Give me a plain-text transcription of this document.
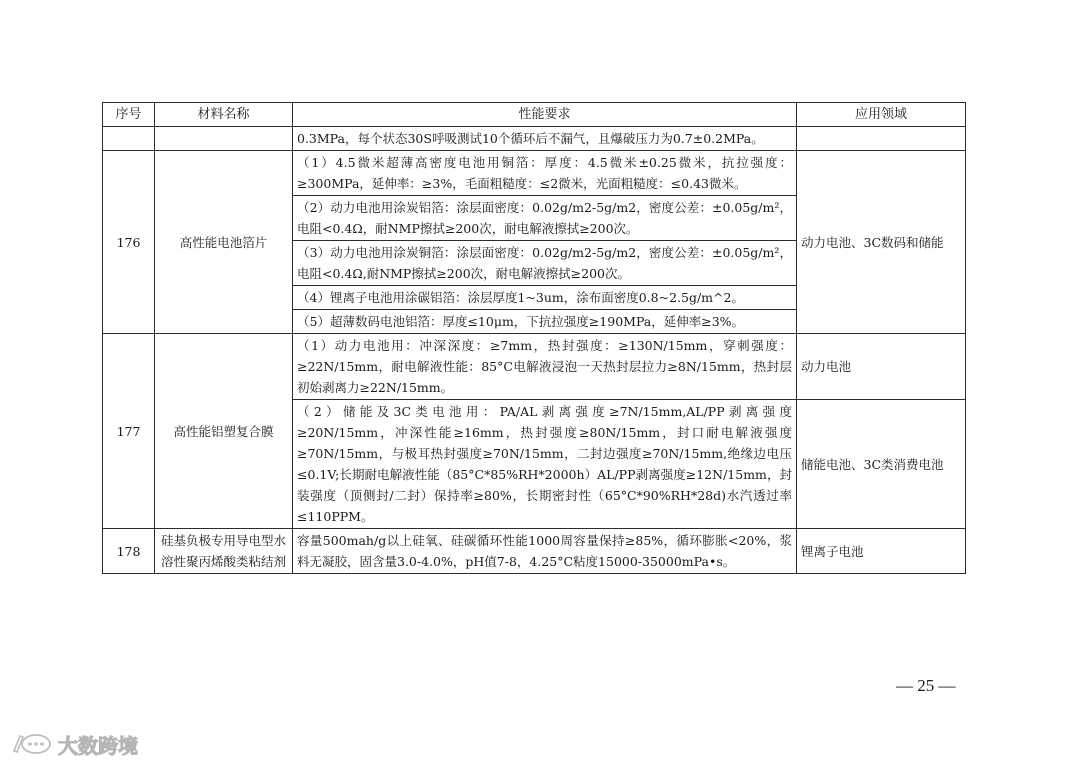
序号	材料名称	性能要求	应用领域
		0.3MPa，每个状态30S呼吸测试10个循环后不漏气，且爆破压力为0.7±0.2MPa。	
176	高性能电池箔片	（1）4.5微米超薄高密度电池用铜箔：厚度：4.5微米±0.25微米，抗拉强度：≥300MPa，延伸率：≥3%，毛面粗糙度：≤2微米，光面粗糙度：≤0.43微米。	动力电池、3C数码和储能
		（2）动力电池用涂炭铝箔：涂层面密度：0.02g/m2-5g/m2，密度公差：±0.05g/m²，电阻<0.4Ω，耐NMP擦拭≥200次，耐电解液擦拭≥200次。	
		（3）动力电池用涂炭铜箔：涂层面密度：0.02g/m2-5g/m2，密度公差：±0.05g/m²，电阻<0.4Ω,耐NMP擦拭≥200次，耐电解液擦拭≥200次。	
		（4）锂离子电池用涂碳铝箔：涂层厚度1~3um，涂布面密度0.8~2.5g/m^2。	
		（5）超薄数码电池铝箔：厚度≤10μm，下抗拉强度≥190MPa，延伸率≥3%。	
177	高性能铝塑复合膜	（1）动力电池用：冲深深度：≥7mm，热封强度：≥130N/15mm，穿刺强度：≥22N/15mm，耐电解液性能：85°C电解液浸泡一天热封层拉力≥8N/15mm，热封层初始剥离力≥22N/15mm。	动力电池
		（2）储能及3C类电池用：PA/AL剥离强度≥7N/15mm,AL/PP剥离强度≥20N/15mm，冲深性能≥16mm，热封强度≥80N/15mm，封口耐电解液强度≥70N/15mm，与极耳热封强度≥70N/15mm，二封边强度≥70N/15mm,绝缘边电压≤0.1V;长期耐电解液性能（85°C*85%RH*2000h）AL/PP剥离强度≥12N/15mm，封装强度（顶侧封/二封）保持率≥80%，长期密封性（65°C*90%RH*28d)水汽透过率≤110PPM。	储能电池、3C类消费电池
178	硅基负极专用导电型水溶性聚丙烯酸类粘结剂	容量500mah/g以上硅氧、硅碳循环性能1000周容量保持≥85%，循环膨胀<20%，浆料无凝胶，固含量3.0-4.0%，pH值7-8，4.25°C粘度15000-35000mPa•s。	锂离子电池
— 25 —
大数跨境
